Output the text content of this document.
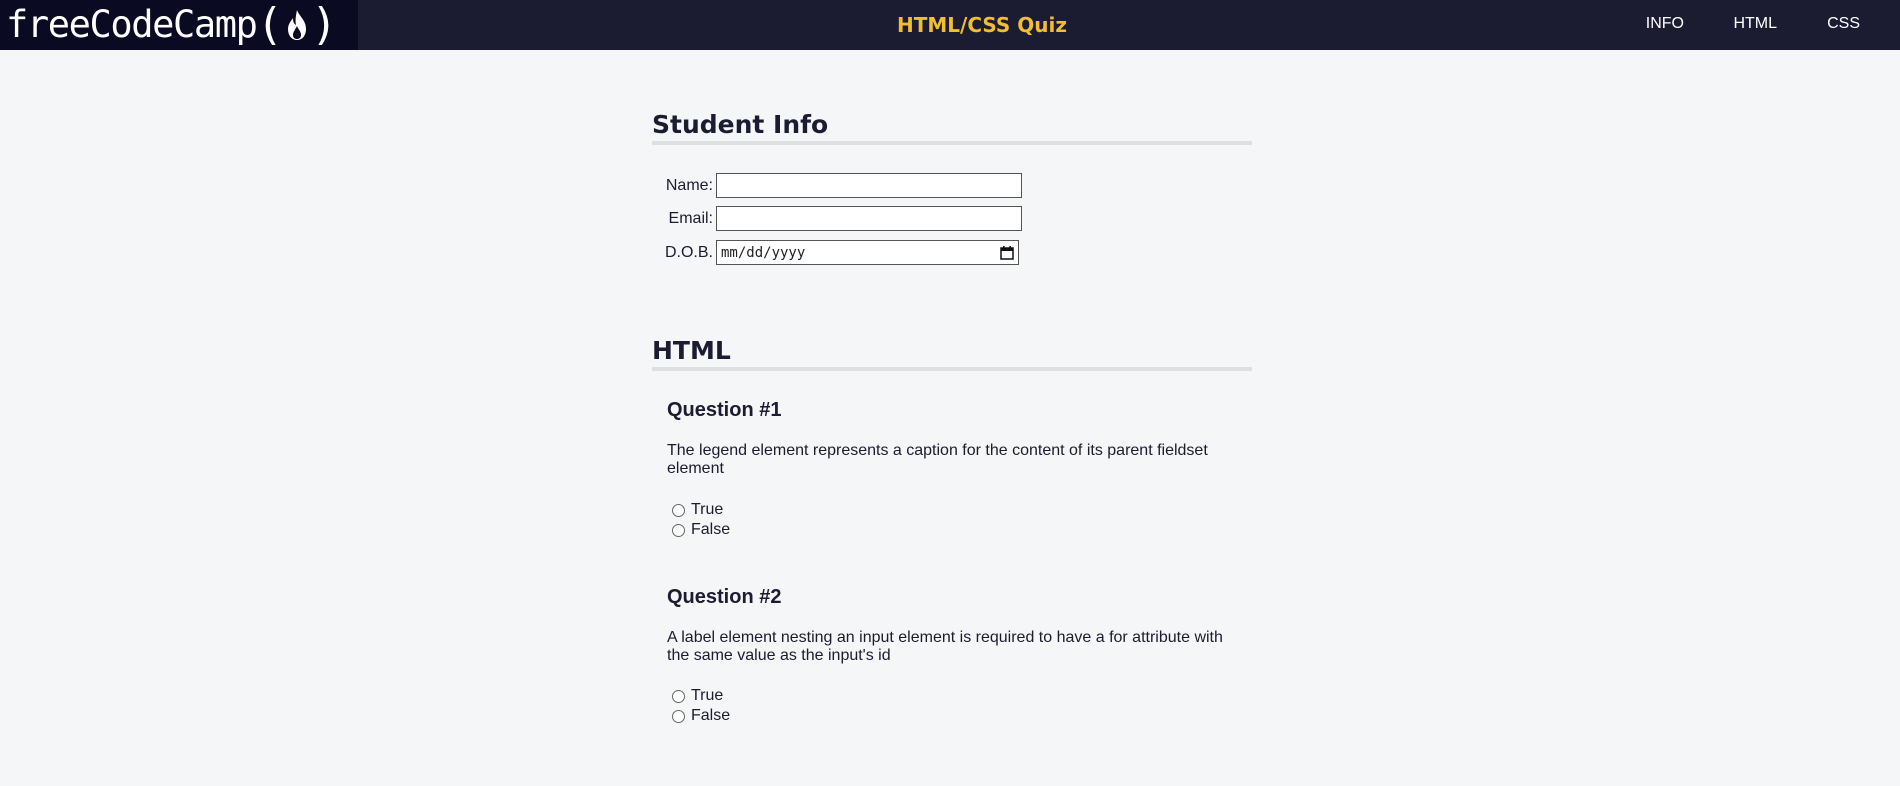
freeCodeCamp ( )	HTML/CSS Quiz	INFO	HTML	CSS
Student Info
Name:
Email:
D.O.B. mm/dd/yyyy
HTML
Question #1

The legend element represents a caption for the content of its parent fieldset element

True
False
Question #2

A label element nesting an input element is required to have a for attribute with the same value as the input's id

True
False
